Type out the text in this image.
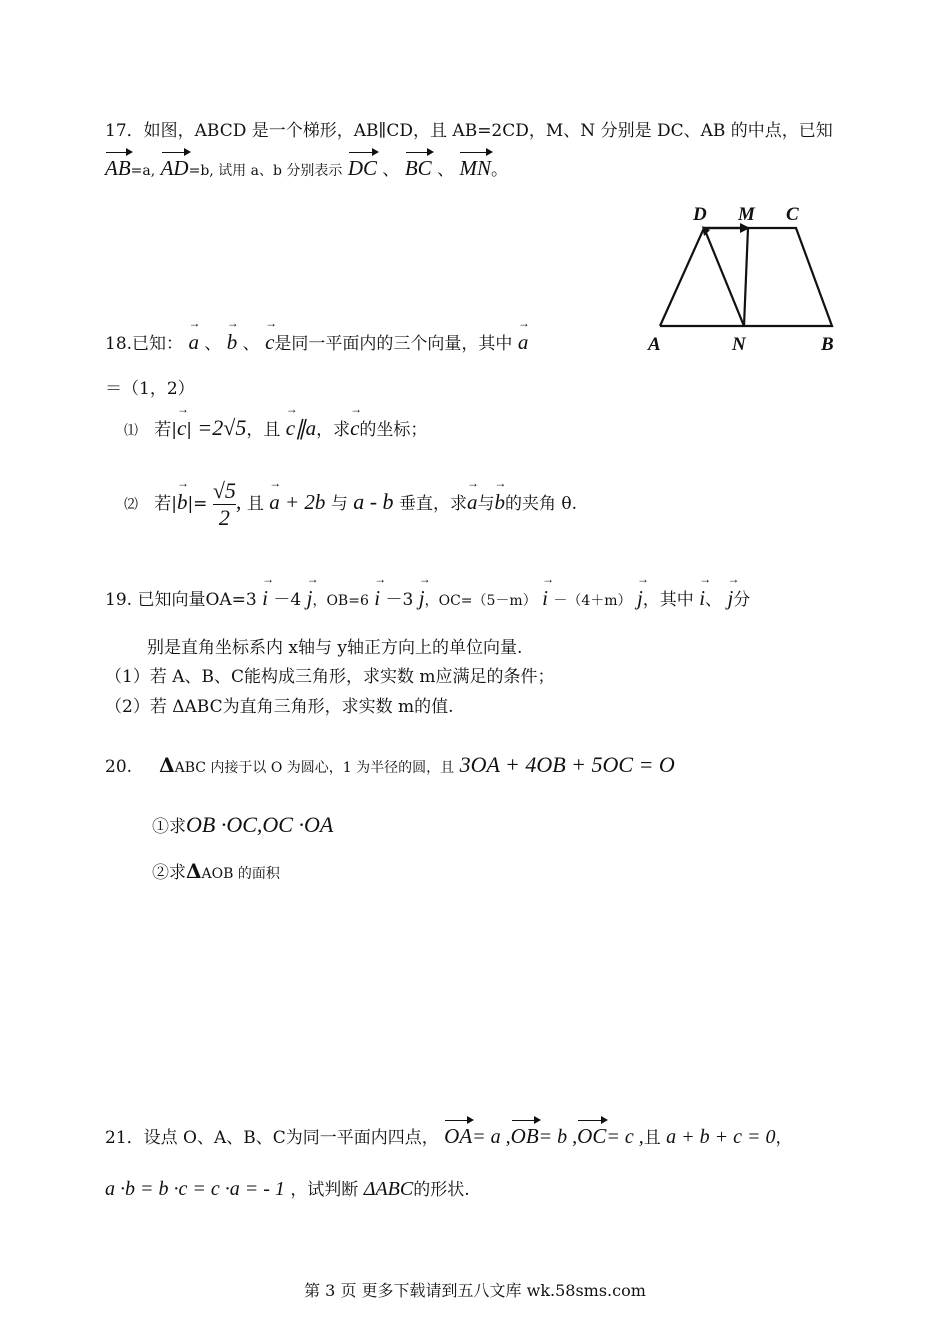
17．如图，ABCD 是一个梯形，AB∥CD，且 AB=2CD，M、N 分别是 DC、AB 的中点，已知
AB=a, AD=b, 试用 a、b 分别表示 DC 、 BC 、 MN。
D M C
A	N	B
18.已知： → a 、 → b 、 → c是同一平面内的三个向量，其中 → a
＝（1，2）
⑴ 若|→ c| =2√5，且 → c∥a，求→ c的坐标；
⑵ 若|→ $b|= \frac{√5}{2}$ , 且 → a + 2b 与 a - b 垂直，求→ a与→ b的夹角 θ.
19. 已知向量OA=3 → i －4 → j，OB=6 → i －3 → j，OC=（5－m） → i －（4＋m） → j，其中 → i、 → j分
别是直角坐标系内 x轴与 y轴正方向上的单位向量.
（1）若 A、B、C能构成三角形，求实数 m应满足的条件；
（2）若 ΔABC为直角三角形，求实数 m的值.
20. ΔABC 内接于以 O 为圆心，1 为半径的圆，且 3OA + 4OB + 5OC = O
①求OB ·OC,OC ·OA
②求ΔAOB 的面积
21．设点 O、A、B、C为同一平面内四点， OA= a ,OB= b ,OC= c ,且 a + b + c = 0，
a ·b = b ·c = c ·a = - 1 ，试判断 ΔABC的形状.
第 3 页 更多下载请到五八文库 wk.58sms.com
